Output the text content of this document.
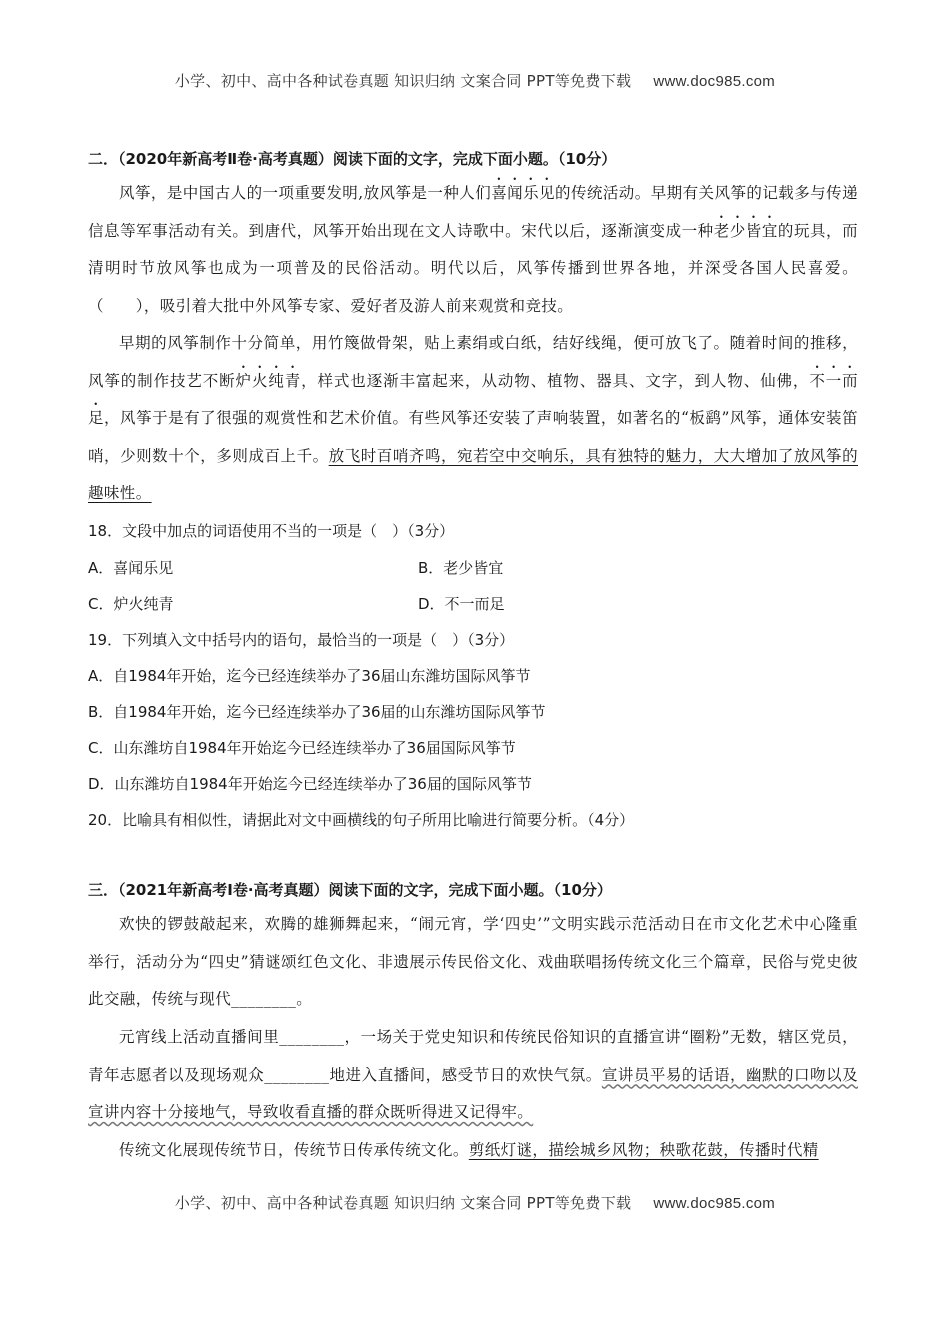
小学、初中、高中各种试卷真题 知识归纳 文案合同 PPT等免费下载 www.doc985.com
二．（2020年新高考Ⅱ卷·高考真题）阅读下面的文字，完成下面小题。（10分）
风筝，是中国古人的一项重要发明,放风筝是一种人们喜闻乐见的传统活动。早期有关风筝的记载多与传递信息等军事活动有关。到唐代，风筝开始出现在文人诗歌中。宋代以后，逐渐演变成一种老少皆宜的玩具，而清明时节放风筝也成为一项普及的民俗活动。明代以后，风筝传播到世界各地，并深受各国人民喜爱。（　　），吸引着大批中外风筝专家、爱好者及游人前来观赏和竞技。
早期的风筝制作十分简单，用竹篾做骨架，贴上素绢或白纸，结好线绳，便可放飞了。随着时间的推移，风筝的制作技艺不断炉火纯青，样式也逐渐丰富起来，从动物、植物、器具、文字，到人物、仙佛，不一而足，风筝于是有了很强的观赏性和艺术价值。有些风筝还安装了声响装置，如著名的“板鹞”风筝，通体安装笛哨，少则数十个，多则成百上千。放飞时百哨齐鸣，宛若空中交响乐，具有独特的魅力，大大增加了放风筝的趣味性。
18．文段中加点的词语使用不当的一项是（　）（3分）
A．喜闻乐见	B．老少皆宜
C．炉火纯青	D．不一而足
19．下列填入文中括号内的语句，最恰当的一项是（　）（3分）
A．自1984年开始，迄今已经连续举办了36届山东潍坊国际风筝节
B．自1984年开始，迄今已经连续举办了36届的山东潍坊国际风筝节
C．山东潍坊自1984年开始迄今已经连续举办了36届国际风筝节
D．山东潍坊自1984年开始迄今已经连续举办了36届的国际风筝节
20．比喻具有相似性，请据此对文中画横线的句子所用比喻进行简要分析。（4分）
三．（2021年新高考Ⅰ卷·高考真题）阅读下面的文字，完成下面小题。（10分）
欢快的锣鼓敲起来，欢腾的雄狮舞起来，“闹元宵，学‘四史’”文明实践示范活动日在市文化艺术中心隆重举行，活动分为“四史”猜谜颂红色文化、非遗展示传民俗文化、戏曲联唱扬传统文化三个篇章，民俗与党史彼此交融，传统与现代________。
元宵线上活动直播间里________，一场关于党史知识和传统民俗知识的直播宣讲“圈粉”无数，辖区党员，青年志愿者以及现场观众________地进入直播间，感受节日的欢快气氛。宣讲员平易的话语，幽默的口吻以及宣讲内容十分接地气，导致收看直播的群众既听得进又记得牢。
传统文化展现传统节日，传统节日传承传统文化。剪纸灯谜，描绘城乡风物；秧歌花鼓，传播时代精
小学、初中、高中各种试卷真题 知识归纳 文案合同 PPT等免费下载 www.doc985.com
